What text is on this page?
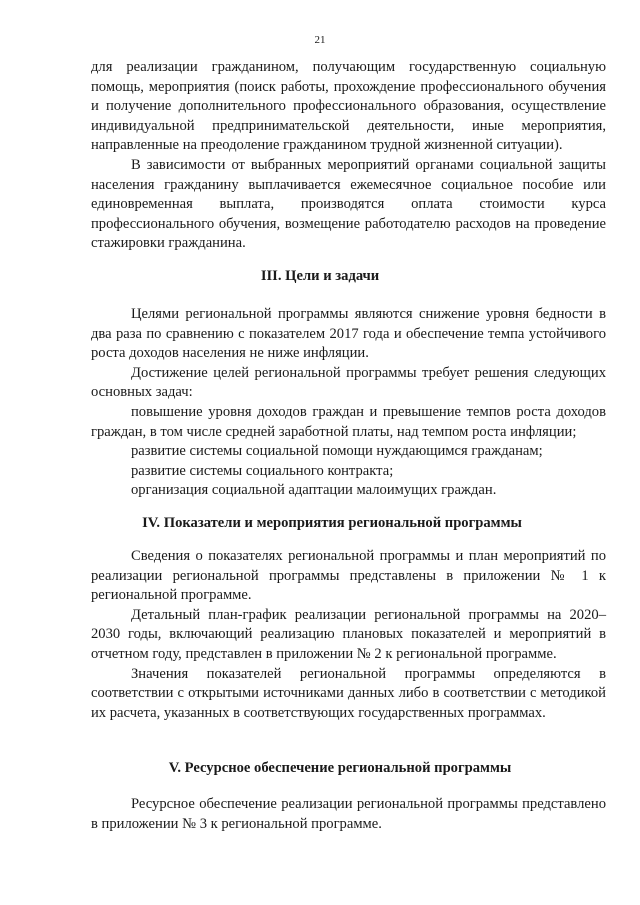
21

для реализации гражданином, получающим государственную социальную помощь, мероприятия (поиск работы, прохождение профессионального обучения и получение дополнительного профессионального образования, осуществление индивидуальной предпринимательской деятельности, иные мероприятия, направленные на преодоление гражданином трудной жизненной ситуации).

В зависимости от выбранных мероприятий органами социальной защиты населения гражданину выплачивается ежемесячное социальное пособие или единовременная выплата, производятся оплата стоимости курса профессионального обучения, возмещение работодателю расходов на проведение стажировки гражданина.

III. Цели и задачи

Целями региональной программы являются снижение уровня бедности в два раза по сравнению с показателем 2017 года и обеспечение темпа устойчивого роста доходов населения не ниже инфляции.

Достижение целей региональной программы требует решения следующих основных задач:

повышение уровня доходов граждан и превышение темпов роста доходов граждан, в том числе средней заработной платы, над темпом роста инфляции;

развитие системы социальной помощи нуждающимся гражданам;

развитие системы социального контракта;

организация социальной адаптации малоимущих граждан.

IV. Показатели и мероприятия региональной программы

Сведения о показателях региональной программы и план мероприятий по реализации региональной программы представлены в приложении № 1 к региональной программе.

Детальный план-график реализации региональной программы на 2020–2030 годы, включающий реализацию плановых показателей и мероприятий в отчетном году, представлен в приложении № 2 к региональной программе.

Значения показателей региональной программы определяются в соответствии с открытыми источниками данных либо в соответствии с методикой их расчета, указанных в соответствующих государственных программах.

V. Ресурсное обеспечение региональной программы

Ресурсное обеспечение реализации региональной программы представлено в приложении № 3 к региональной программе.
